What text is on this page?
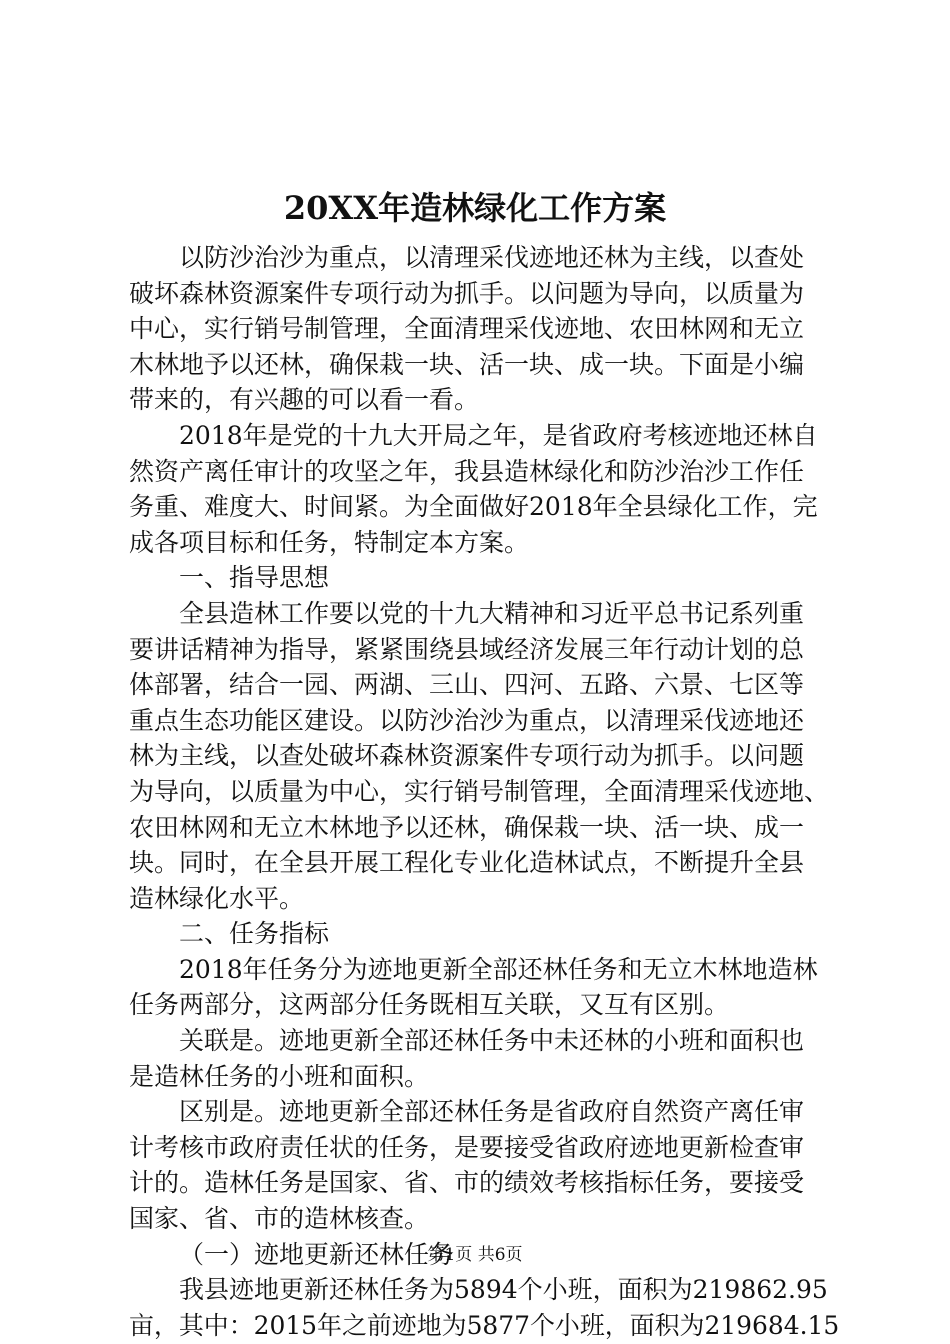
20XX年造林绿化工作方案
以防沙治沙为重点，以清理采伐迹地还林为主线，以查处
破坏森林资源案件专项行动为抓手。以问题为导向，以质量为
中心，实行销号制管理，全面清理采伐迹地、农田林网和无立
木林地予以还林，确保栽一块、活一块、成一块。下面是小编
带来的，有兴趣的可以看一看。
2018年是党的十九大开局之年，是省政府考核迹地还林自
然资产离任审计的攻坚之年，我县造林绿化和防沙治沙工作任
务重、难度大、时间紧。为全面做好2018年全县绿化工作，完
成各项目标和任务，特制定本方案。
一、指导思想
全县造林工作要以党的十九大精神和习近平总书记系列重
要讲话精神为指导，紧紧围绕县域经济发展三年行动计划的总
体部署，结合一园、两湖、三山、四河、五路、六景、七区等
重点生态功能区建设。以防沙治沙为重点，以清理采伐迹地还
林为主线，以查处破坏森林资源案件专项行动为抓手。以问题
为导向，以质量为中心，实行销号制管理，全面清理采伐迹地、
农田林网和无立木林地予以还林，确保栽一块、活一块、成一
块。同时，在全县开展工程化专业化造林试点，不断提升全县
造林绿化水平。
二、任务指标
2018年任务分为迹地更新全部还林任务和无立木林地造林
任务两部分，这两部分任务既相互关联，又互有区别。
关联是。迹地更新全部还林任务中未还林的小班和面积也
是造林任务的小班和面积。
区别是。迹地更新全部还林任务是省政府自然资产离任审
计考核市政府责任状的任务，是要接受省政府迹地更新检查审
计的。造林任务是国家、省、市的绩效考核指标任务，要接受
国家、省、市的造林核查。
（一）迹地更新还林任务
我县迹地更新还林任务为5894个小班，面积为219862.95
亩，其中：2015年之前迹地为5877个小班，面积为219684.15
第1页 共6页
